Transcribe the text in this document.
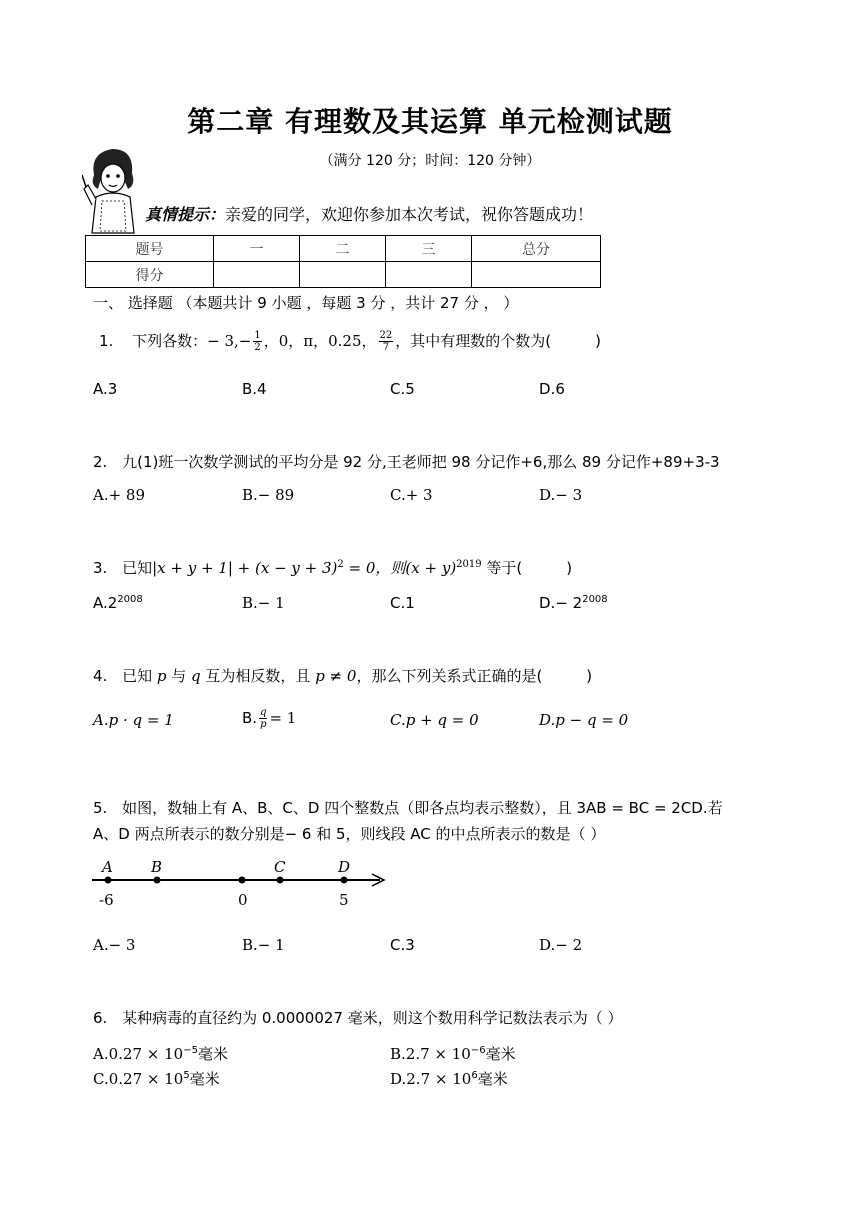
第二章 有理数及其运算 单元检测试题
（满分 120 分；时间：120 分钟）
真情提示：亲爱的同学，欢迎你参加本次考试，祝你答题成功！
题号	一	二	三	总分
得分				
一、 选择题 （本题共计 9 小题 ，每题 3 分 ，共计 27 分 ， ）
1. 下列各数：− $3,- \frac{1}{2}$ ，0，π，0.25， $\frac{22}{7}$ ，其中有理数的个数为(	)
A.3	B.4	C.5	D.6
2. 九(1)班一次数学测试的平均分是 92 分,王老师把 98 分记作+6,那么 89 分记作+89+3-3
A.+ 89	B.− 89	C.+ 3	D.− 3
3. 已知$|x + y + 1| + (x - y + 3)^2 = 0$，则$(x + y)^{2019}$ 等于(	)
$A.2^{2008}$	B.− 1	C.1	$D.- 2^{2008}$
4. 已知 p 与 q 互为相反数，且 p ≠ 0，那么下列关系式正确的是(	)
A.p · q = 1	B. $\frac{q}{p} = 1$	C.p + q = 0	D.p − q = 0
5. 如图，数轴上有 A、B、C、D 四个整数点（即各点均表示整数），且 3AB = BC = 2CD.若
A、D 两点所表示的数分别是− 6 和 5，则线段 AC 的中点所表示的数是（ ）
A	B	C	D
-6	0	5
A.− 3	B.− 1	C.3	D.− 2
6. 某种病毒的直径约为 0.0000027 毫米，则这个数用科学记数法表示为（ ）
$A.0.27 \times 10^{-5}$毫米	$B.2.7 \times 10^{-6}$毫米
$C.0.27 \times 10^5$毫米	$D.2.7 \times 10^6$毫米
